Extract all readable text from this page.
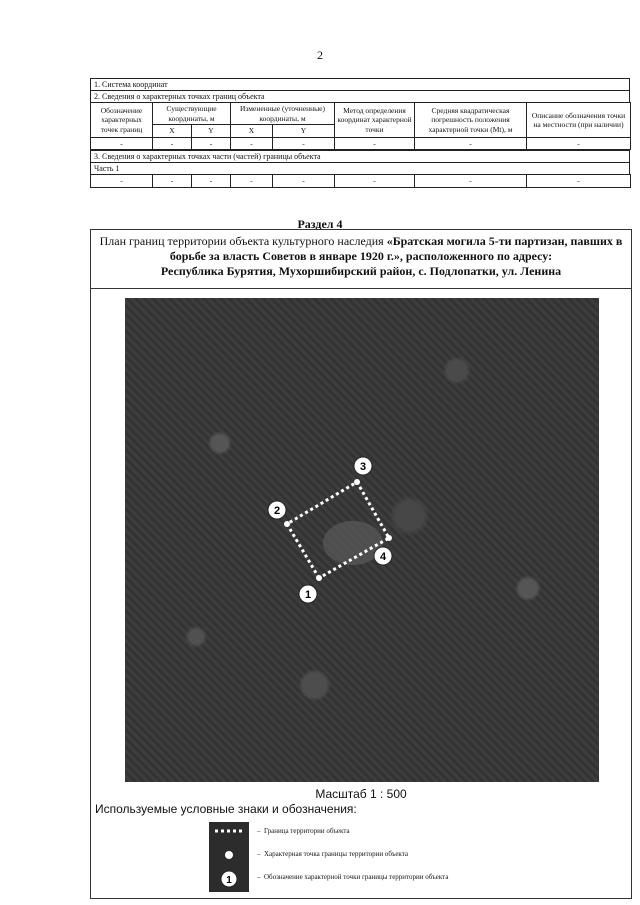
2
1. Система координат
2. Сведения о характерных точках границ объекта
Обозначение характерных точек границ	Существующие координаты, м		Измененные (уточненные) координаты, м		Метод определения координат характерной точки	Средняя квадратическая погрешность положения характерной точки (Mt), м	Описание обозначения точки на местности (при наличии)
	X	Y	X	Y			
-	-	-	-	-	-	-	-
3. Сведения о характерных точках части (частей) границы объекта
Часть 1
-	-	-	-	-	-	-	-
Раздел 4
План границ территории объекта культурного наследия «Братская могила 5-ти партизан, павших в борьбе за власть Советов в январе 1920 г.», расположенного по адресу:
Республика Бурятия, Мухоршибирский район, с. Подлопатки, ул. Ленина
1
2
3
4
Масштаб 1 : 500
Используемые условные знаки и обозначения:
1
– Граница территории объекта
– Характерная точка границы территории объекта
– Обозначение характерной точки границы территории объекта
